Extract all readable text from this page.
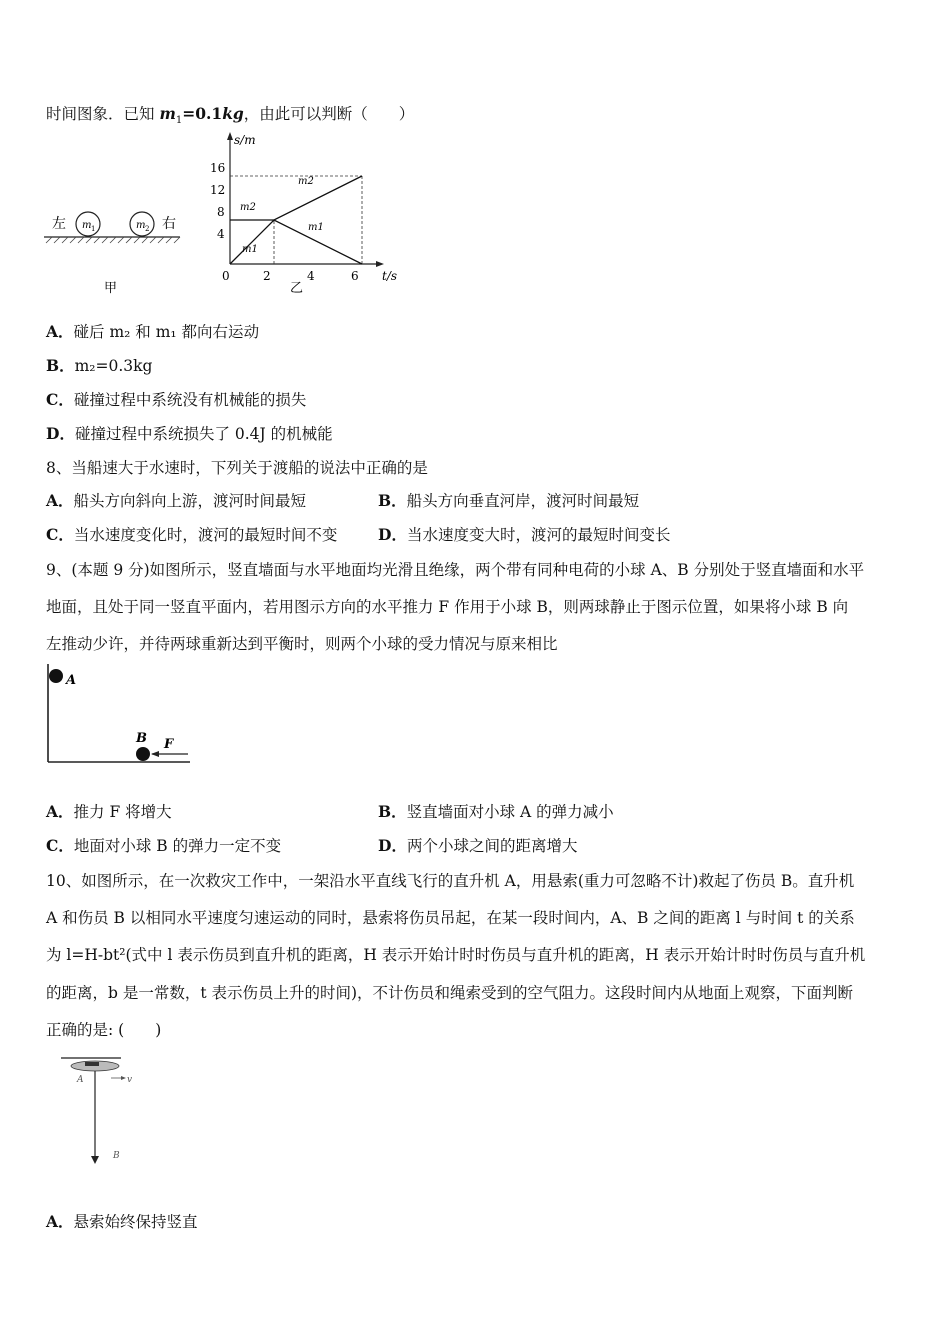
时间图象．已知 $m_1=0.1kg$，由此可以判断（　　）
左 m 1	m 2 右
甲
s/m
t/s
16
12
8
4
0	2	4	6
m2
m2
m1
m1
乙
A．碰后 m₂ 和 m₁ 都向右运动
B．m₂=0.3kg
C．碰撞过程中系统没有机械能的损失
D．碰撞过程中系统损失了 0.4J 的机械能
8、当船速大于水速时，下列关于渡船的说法中正确的是
A．船头方向斜向上游，渡河时间最短	B．船头方向垂直河岸，渡河时间最短
C．当水速度变化时，渡河的最短时间不变	D．当水速度变大时，渡河的最短时间变长
9、(本题 9 分)如图所示，竖直墙面与水平地面均光滑且绝缘，两个带有同种电荷的小球 A、B 分别处于竖直墙面和水平
地面，且处于同一竖直平面内，若用图示方向的水平推力 F 作用于小球 B，则两球静止于图示位置，如果将小球 B 向
左推动少许，并待两球重新达到平衡时，则两个小球的受力情况与原来相比
A
B F
A．推力 F 将增大	B．竖直墙面对小球 A 的弹力减小
C．地面对小球 B 的弹力一定不变	D．两个小球之间的距离增大
10、如图所示，在一次救灾工作中，一架沿水平直线飞行的直升机 A，用悬索(重力可忽略不计)救起了伤员 B。直升机
A 和伤员 B 以相同水平速度匀速运动的同时，悬索将伤员吊起，在某一段时间内，A、B 之间的距离 l 与时间 t 的关系
为 l=H-bt²(式中 l 表示伤员到直升机的距离，H 表示开始计时时伤员与直升机的距离，H 表示开始计时时伤员与直升机
的距离，b 是一常数，t 表示伤员上升的时间)，不计伤员和绳索受到的空气阻力。这段时间内从地面上观察，下面判断
正确的是: (　　)
A	v
B
A．悬索始终保持竖直
